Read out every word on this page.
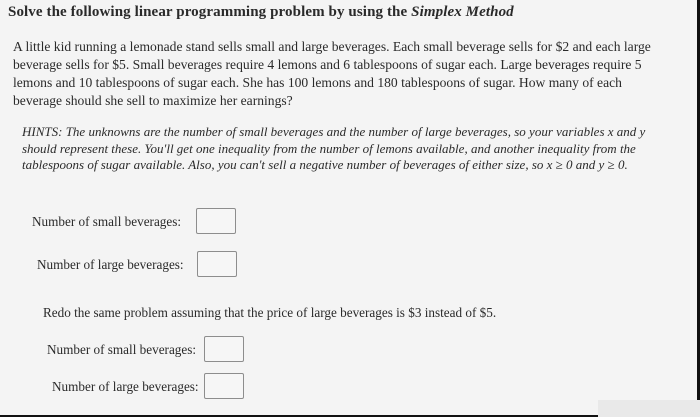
Solve the following linear programming problem by using the Simplex Method
A little kid running a lemonade stand sells small and large beverages. Each small beverage sells for $2 and each large beverage sells for $5. Small beverages require 4 lemons and 6 tablespoons of sugar each. Large beverages require 5 lemons and 10 tablespoons of sugar each. She has 100 lemons and 180 tablespoons of sugar. How many of each beverage should she sell to maximize her earnings?
HINTS: The unknowns are the number of small beverages and the number of large beverages, so your variables x and y should represent these. You'll get one inequality from the number of lemons available, and another inequality from the tablespoons of sugar available. Also, you can't sell a negative number of beverages of either size, so x ≥ 0 and y ≥ 0.
Number of small beverages:
Number of large beverages:
Redo the same problem assuming that the price of large beverages is $3 instead of $5.
Number of small beverages:
Number of large beverages:
